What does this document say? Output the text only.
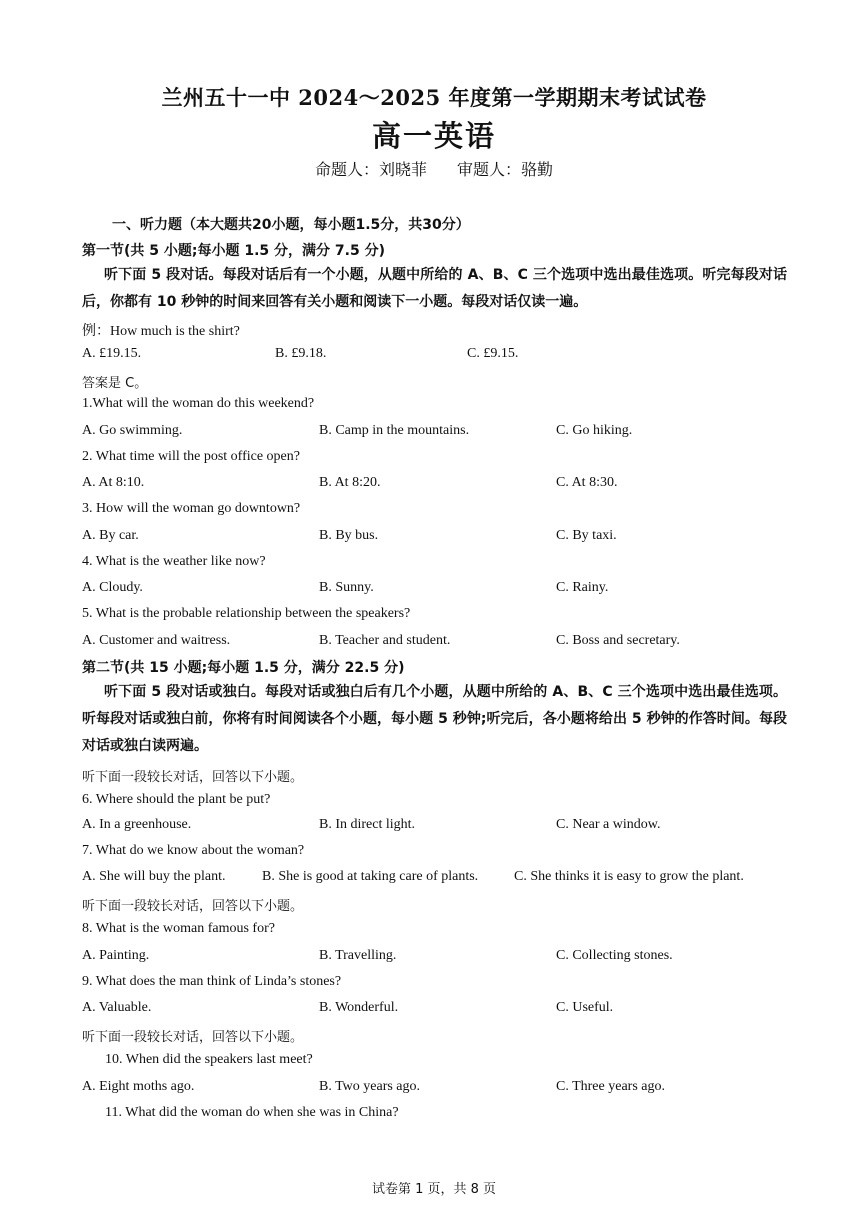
兰州五十一中 2024～2025 年度第一学期期末考试试卷
高一英语
命题人：刘晓菲 审题人：骆勤
一、听力题（本大题共20小题，每小题1.5分，共30分）
第一节(共 5 小题;每小题 1.5 分，满分 7.5 分)
听下面 5 段对话。每段对话后有一个小题，从题中所给的 A、B、C 三个选项中选出最佳选项。听完每段对话后，你都有 10 秒钟的时间来回答有关小题和阅读下一小题。每段对话仅读一遍。
例：How much is the shirt?
A. £19.15.	B. £9.18.	C. £9.15.
答案是 C。
1.What will the woman do this weekend?
A. Go swimming.	B. Camp in the mountains.	C. Go hiking.
2. What time will the post office open?
A. At 8:10.	B. At 8:20.	C. At 8:30.
3. How will the woman go downtown?
A. By car.	B. By bus.	C. By taxi.
4. What is the weather like now?
A. Cloudy.	B. Sunny.	C. Rainy.
5. What is the probable relationship between the speakers?
A. Customer and waitress.	B. Teacher and student.	C. Boss and secretary.
第二节(共 15 小题;每小题 1.5 分，满分 22.5 分)
听下面 5 段对话或独白。每段对话或独白后有几个小题，从题中所给的 A、B、C 三个选项中选出最佳选项。听每段对话或独白前，你将有时间阅读各个小题，每小题 5 秒钟;听完后，各小题将给出 5 秒钟的作答时间。每段对话或独白读两遍。
听下面一段较长对话，回答以下小题。
6. Where should the plant be put?
A. In a greenhouse.	B. In direct light.	C. Near a window.
7. What do we know about the woman?
A. She will buy the plant.	B. She is good at taking care of plants.	C. She thinks it is easy to grow the plant.
听下面一段较长对话，回答以下小题。
8. What is the woman famous for?
A. Painting.	B. Travelling.	C. Collecting stones.
9. What does the man think of Linda’s stones?
A. Valuable.	B. Wonderful.	C. Useful.
听下面一段较长对话，回答以下小题。
10. When did the speakers last meet?
A. Eight moths ago.	B. Two years ago.	C. Three years ago.
11. What did the woman do when she was in China?
试卷第 1 页，共 8 页
